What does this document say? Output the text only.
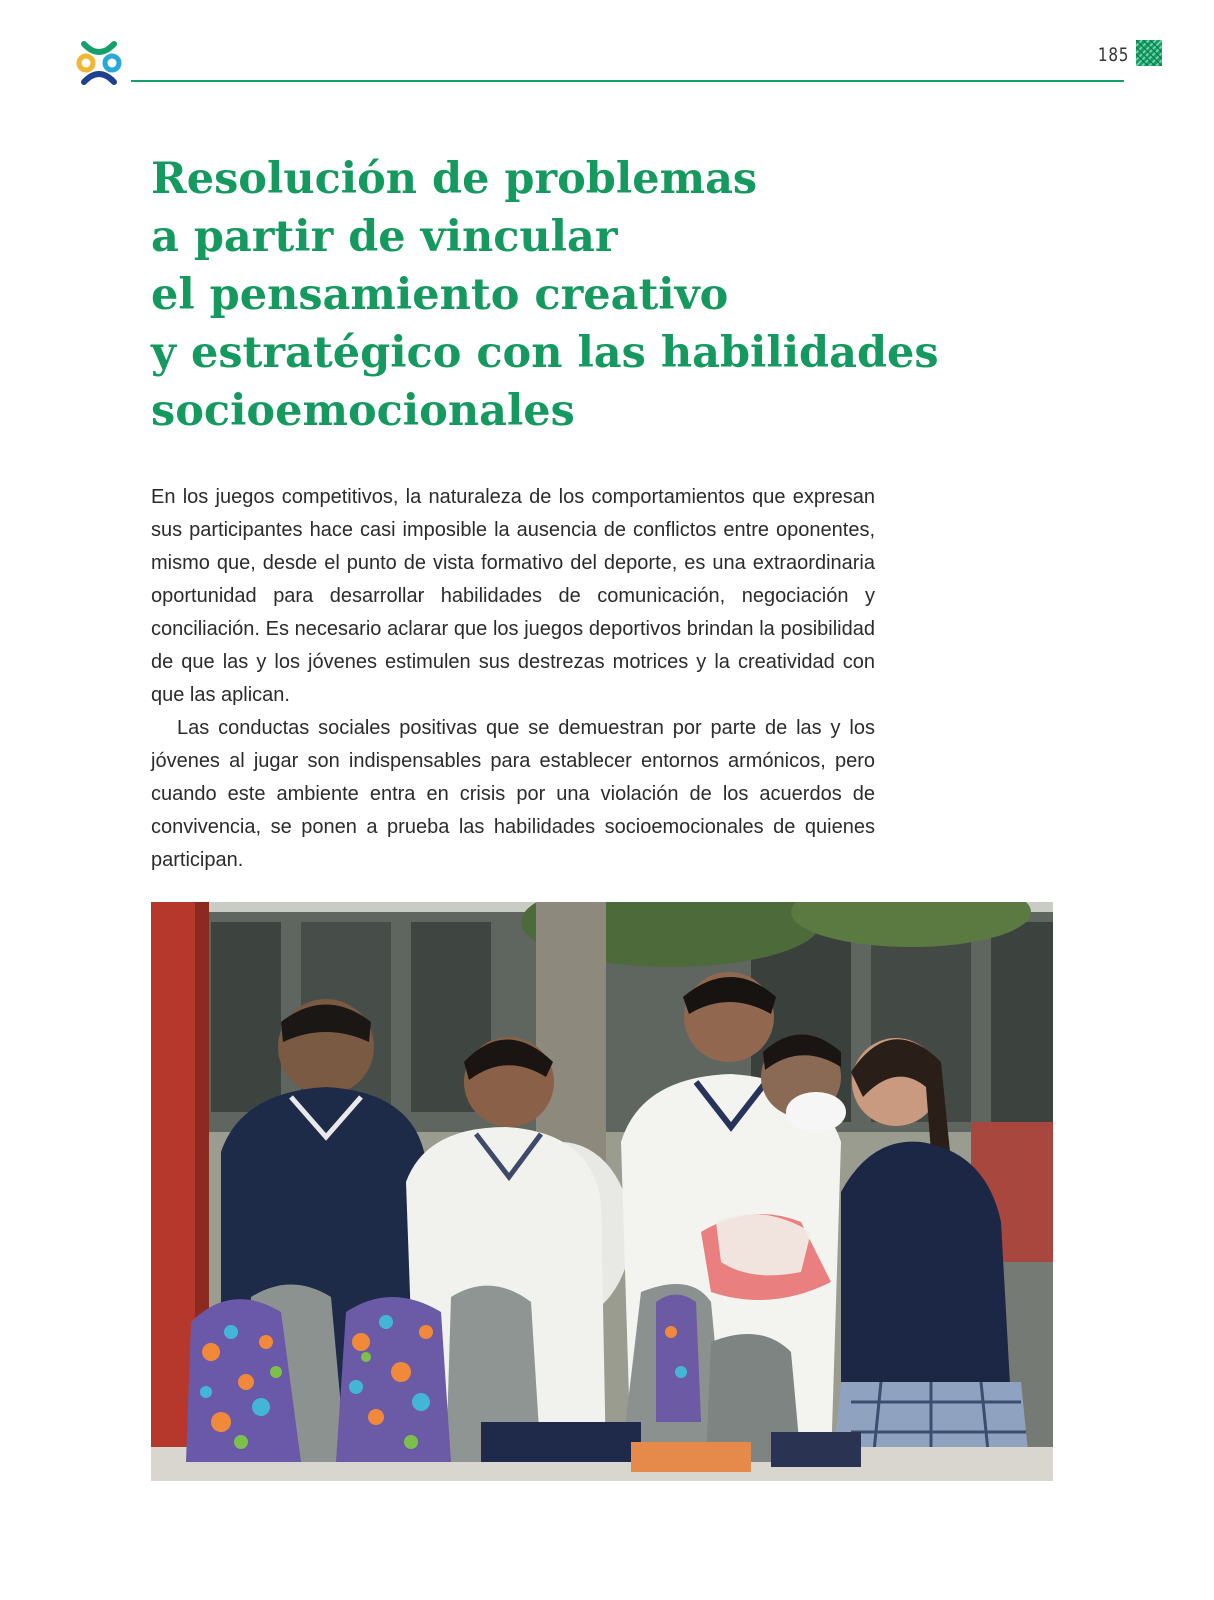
185
Resolución de problemas
a partir de vincular
el pensamiento creativo
y estratégico con las habilidades
socioemocionales

En los juegos competitivos, la naturaleza de los comportamientos que expresan sus participantes hace casi imposible la ausencia de conflictos entre oponentes, mismo que, desde el punto de vista formativo del deporte, es una extraordinaria oportunidad para desarrollar habilidades de comunicación, negociación y conciliación. Es necesario aclarar que los juegos deportivos brindan la posibilidad de que las y los jóvenes estimulen sus destrezas motrices y la creatividad con que las aplican.

Las conductas sociales positivas que se demuestran por parte de las y los jóvenes al jugar son indispensables para establecer entornos armónicos, pero cuando este ambiente entra en crisis por una violación de los acuerdos de convivencia, se ponen a prueba las habilidades socioemocionales de quienes participan.
